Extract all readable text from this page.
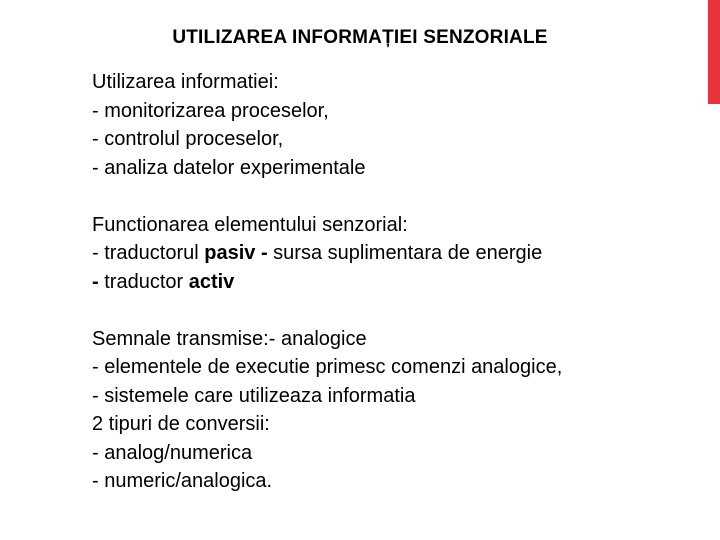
UTILIZAREA INFORMAȚIEI SENZORIALE
Utilizarea informatiei:
- monitorizarea proceselor,
- controlul proceselor,
- analiza datelor experimentale
Functionarea elementului senzorial:
- traductorul pasiv - sursa suplimentara de energie
- traductor activ
Semnale transmise:- analogice
- elementele de executie primesc comenzi analogice,
- sistemele care utilizeaza informatia
2 tipuri de conversii:
- analog/numerica
- numeric/analogica.
